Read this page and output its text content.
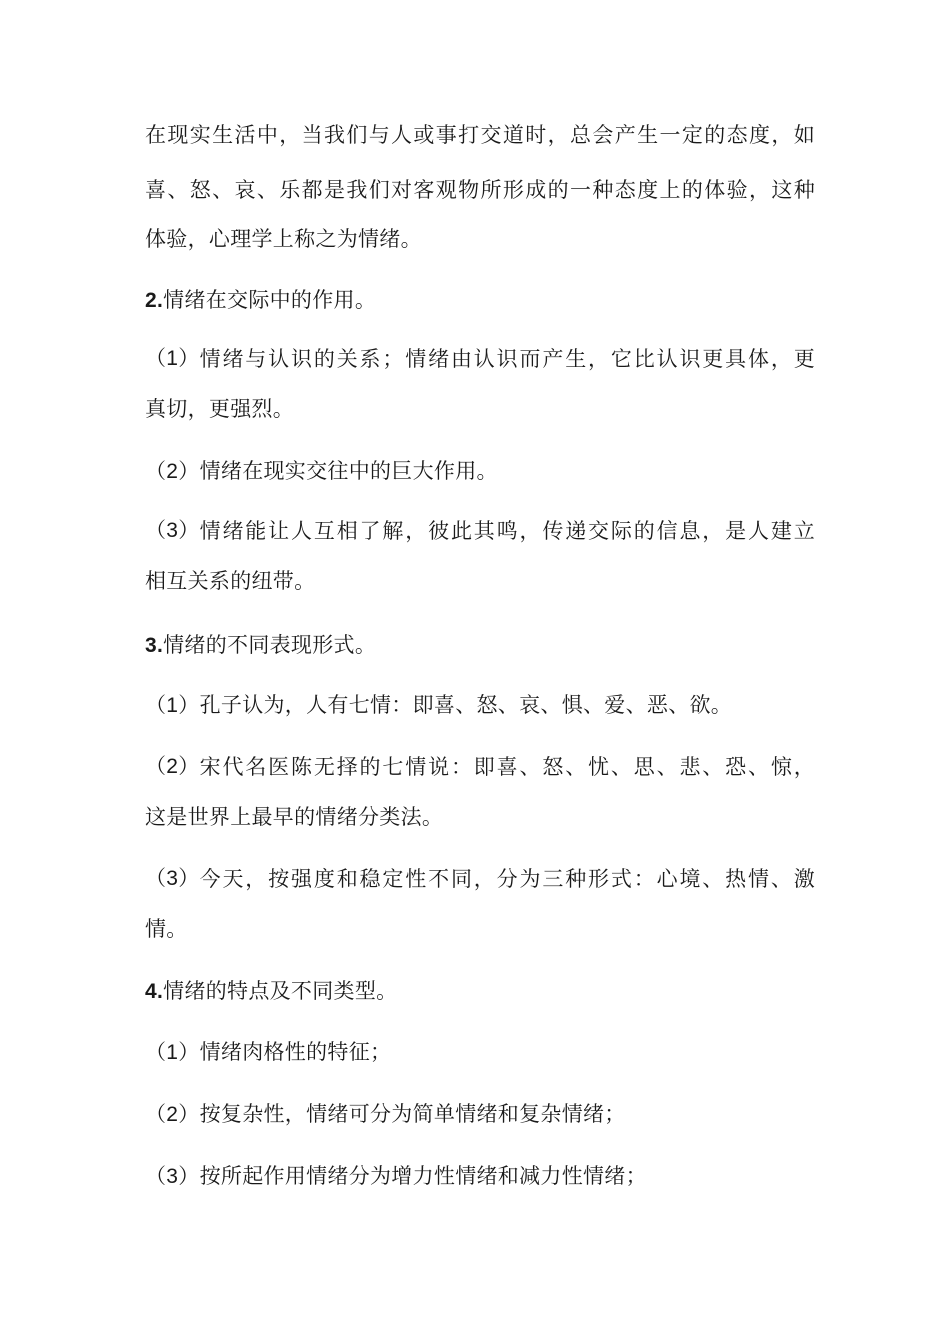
在现实生活中，当我们与人或事打交道时，总会产生一定的态度，如
喜、怒、哀、乐都是我们对客观物所形成的一种态度上的体验，这种
体验，心理学上称之为情绪。
2.情绪在交际中的作用。
（1） 情绪与认识的关系；情绪由认识而产生，它比认识更具体，更
真切，更强烈。
（2）情绪在现实交往中的巨大作用。
（3） 情绪能让人互相了解，彼此其鸣，传递交际的信息，是人建立
相互关系的纽带。
3.情绪的不同表现形式。
（1）孔子认为，人有七情：即喜、怒、哀、惧、爱、恶、欲。
（2） 宋代名医陈无择的七情说：即喜、怒、忧、思、悲、恐、惊，
这是世界上最早的情绪分类法。
（3） 今天，按强度和稳定性不同，分为三种形式：心境、热情、激
情。
4.情绪的特点及不同类型。
（1）情绪肉格性的特征；
（2）按复杂性，情绪可分为简单情绪和复杂情绪；
（3）按所起作用情绪分为增力性情绪和减力性情绪；
